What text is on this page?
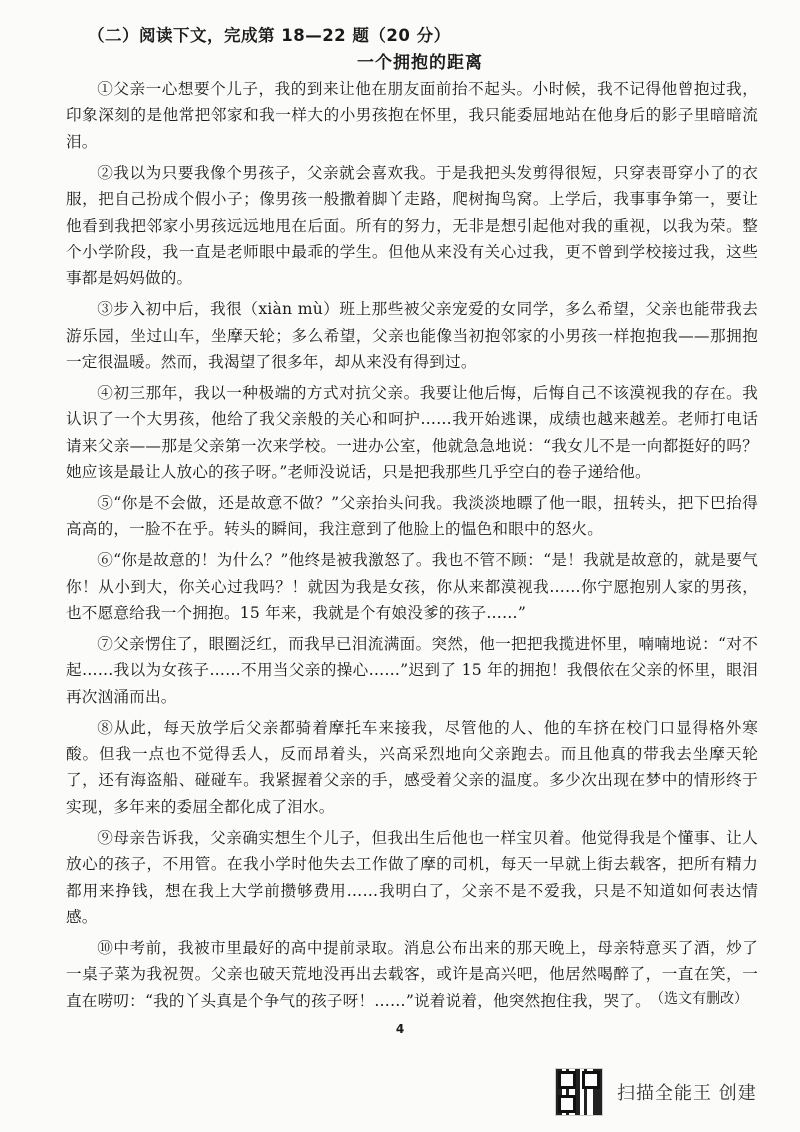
（二）阅读下文，完成第 18—22 题（20 分）
一个拥抱的距离

①父亲一心想要个儿子，我的到来让他在朋友面前抬不起头。小时候，我不记得他曾抱过我，印象深刻的是他常把邻家和我一样大的小男孩抱在怀里，我只能委屈地站在他身后的影子里暗暗流泪。

②我以为只要我像个男孩子，父亲就会喜欢我。于是我把头发剪得很短，只穿表哥穿小了的衣服，把自己扮成个假小子；像男孩一般撒着脚丫走路，爬树掏鸟窝。上学后，我事事争第一，要让他看到我把邻家小男孩远远地甩在后面。所有的努力，无非是想引起他对我的重视，以我为荣。整个小学阶段，我一直是老师眼中最乖的学生。但他从来没有关心过我，更不曾到学校接过我，这些事都是妈妈做的。

③步入初中后，我很（xiàn mù）班上那些被父亲宠爱的女同学，多么希望，父亲也能带我去游乐园，坐过山车，坐摩天轮；多么希望，父亲也能像当初抱邻家的小男孩一样抱抱我——那拥抱一定很温暖。然而，我渴望了很多年，却从来没有得到过。

④初三那年，我以一种极端的方式对抗父亲。我要让他后悔，后悔自己不该漠视我的存在。我认识了一个大男孩，他给了我父亲般的关心和呵护……我开始逃课，成绩也越来越差。老师打电话请来父亲——那是父亲第一次来学校。一进办公室，他就急急地说：“我女儿不是一向都挺好的吗？她应该是最让人放心的孩子呀。”老师没说话，只是把我那些几乎空白的卷子递给他。

⑤“你是不会做，还是故意不做？”父亲抬头问我。我淡淡地瞟了他一眼，扭转头，把下巴抬得高高的，一脸不在乎。转头的瞬间，我注意到了他脸上的愠色和眼中的怒火。

⑥“你是故意的！为什么？”他终是被我激怒了。我也不管不顾：“是！我就是故意的，就是要气你！从小到大，你关心过我吗？！就因为我是女孩，你从来都漠视我……你宁愿抱别人家的男孩，也不愿意给我一个拥抱。15 年来，我就是个有娘没爹的孩子……”

⑦父亲愣住了，眼圈泛红，而我早已泪流满面。突然，他一把把我揽进怀里，喃喃地说：“对不起……我以为女孩子……不用当父亲的操心……”迟到了 15 年的拥抱！我偎依在父亲的怀里，眼泪再次汹涌而出。

⑧从此，每天放学后父亲都骑着摩托车来接我，尽管他的人、他的车挤在校门口显得格外寒酸。但我一点也不觉得丢人，反而昂着头，兴高采烈地向父亲跑去。而且他真的带我去坐摩天轮了，还有海盗船、碰碰车。我紧握着父亲的手，感受着父亲的温度。多少次出现在梦中的情形终于实现，多年来的委屈全都化成了泪水。

⑨母亲告诉我，父亲确实想生个儿子，但我出生后他也一样宝贝着。他觉得我是个懂事、让人放心的孩子，不用管。在我小学时他失去工作做了摩的司机，每天一早就上街去载客，把所有精力都用来挣钱，想在我上大学前攒够费用……我明白了，父亲不是不爱我，只是不知道如何表达情感。

⑩中考前，我被市里最好的高中提前录取。消息公布出来的那天晚上，母亲特意买了酒，炒了一桌子菜为我祝贺。父亲也破天荒地没再出去载客，或许是高兴吧，他居然喝醉了，一直在笑，一直在唠叨：“我的丫头真是个争气的孩子呀！……”说着说着，他突然抱住我，哭了。 （选文有删改）
4
扫描全能王 创建
